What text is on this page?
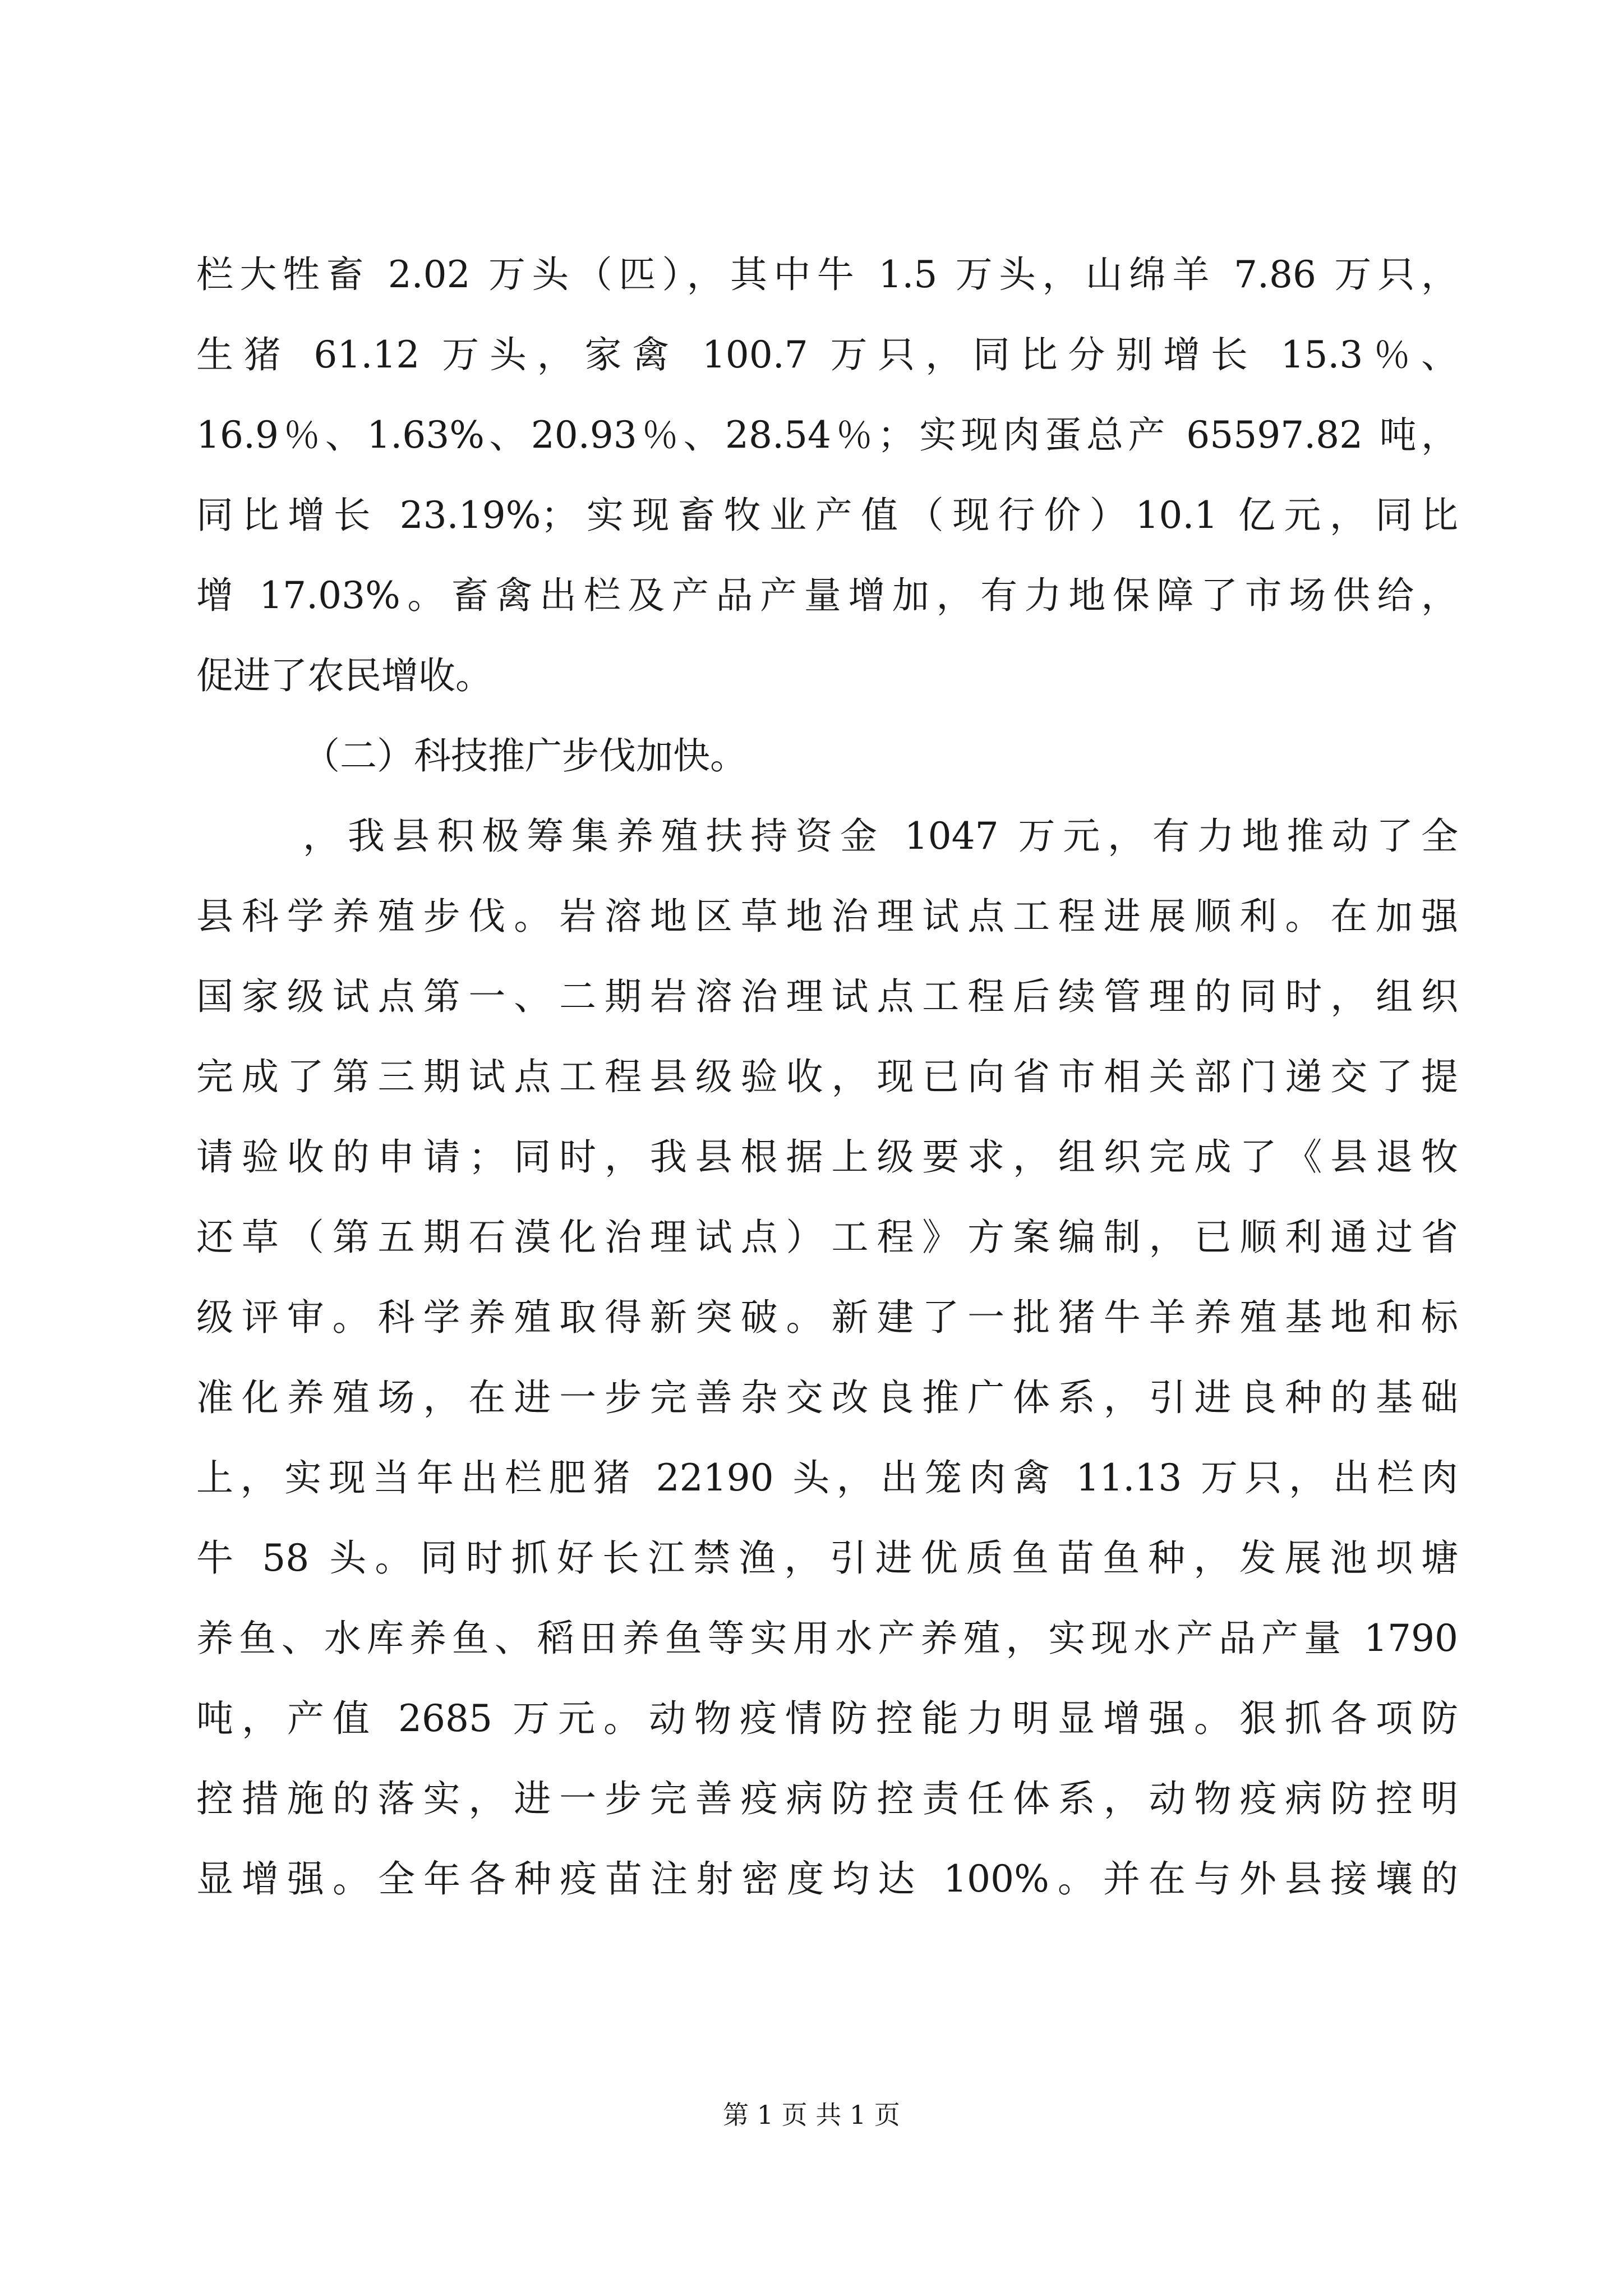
栏大牲畜 2.02 万头（匹），其中牛 1.5 万头，山绵羊 7.86 万只，
生猪 61.12 万头，家禽 100.7 万只，同比分别增长 15.3％、
16.9％、1.63%、20.93％、28.54％；实现肉蛋总产 65597.82 吨，
同比增长 23.19%；实现畜牧业产值（现行价）10.1 亿元，同比
增 17.03%。畜禽出栏及产品产量增加，有力地保障了市场供给，
促进了农民增收。
（二）科技推广步伐加快。
，我县积极筹集养殖扶持资金 1047 万元，有力地推动了全
县科学养殖步伐。岩溶地区草地治理试点工程进展顺利。在加强
国家级试点第一、二期岩溶治理试点工程后续管理的同时，组织
完成了第三期试点工程县级验收，现已向省市相关部门递交了提
请验收的申请；同时，我县根据上级要求，组织完成了《县退牧
还草（第五期石漠化治理试点）工程》方案编制，已顺利通过省
级评审。科学养殖取得新突破。新建了一批猪牛羊养殖基地和标
准化养殖场，在进一步完善杂交改良推广体系，引进良种的基础
上，实现当年出栏肥猪 22190 头，出笼肉禽 11.13 万只，出栏肉
牛 58 头。同时抓好长江禁渔，引进优质鱼苗鱼种，发展池坝塘
养鱼、水库养鱼、稻田养鱼等实用水产养殖，实现水产品产量 1790
吨，产值 2685 万元。动物疫情防控能力明显增强。狠抓各项防
控措施的落实，进一步完善疫病防控责任体系，动物疫病防控明
显增强。全年各种疫苗注射密度均达 100%。并在与外县接壤的
第 1 页 共 1 页
